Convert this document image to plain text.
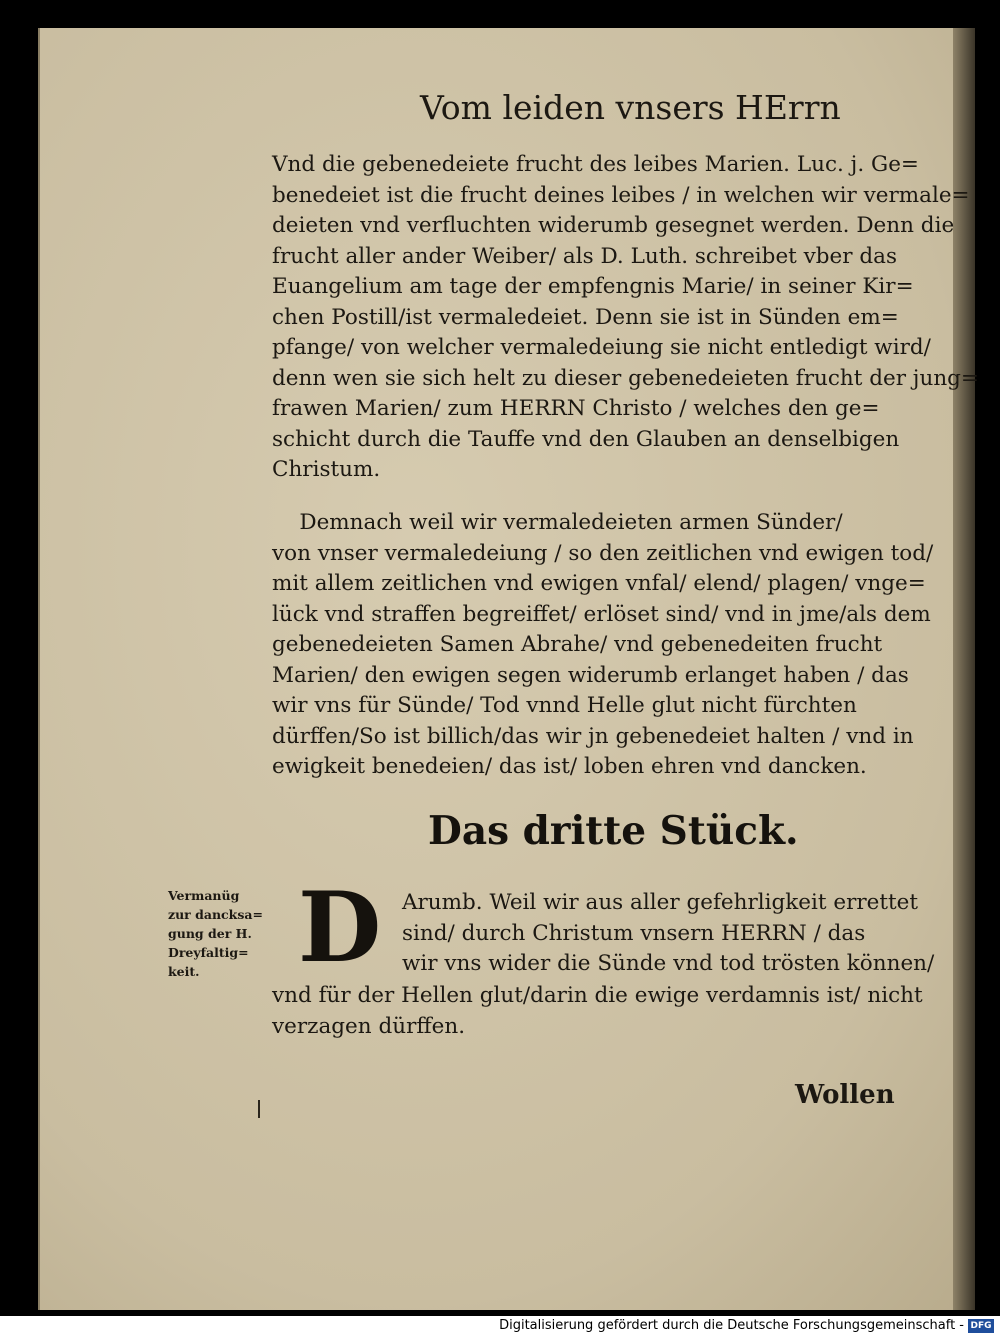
Vom leiden vnsers HErrn
Vnd die gebenedeiete frucht des leibes Marien. Luc. j. Ge=
benedeiet ist die frucht deines leibes / in welchen wir vermale=
deieten vnd verfluchten widerumb gesegnet werden. Denn die
frucht aller ander Weiber/ als D. Luth. schreibet vber das
Euangelium am tage der empfengnis Marie/ in seiner Kir=
chen Postill/ist vermaledeiet. Denn sie ist in Sünden em=
pfange/ von welcher vermaledeiung sie nicht entledigt wird/
denn wen sie sich helt zu dieser gebenedeieten frucht der jung=
frawen Marien/ zum HERRN Christo / welches den ge=
schicht durch die Tauffe vnd den Glauben an denselbigen
Christum.
Demnach weil wir vermaledeieten armen Sünder/
von vnser vermaledeiung / so den zeitlichen vnd ewigen tod/
mit allem zeitlichen vnd ewigen vnfal/ elend/ plagen/ vnge=
lück vnd straffen begreiffet/ erlöset sind/ vnd in jme/als dem
gebenedeieten Samen Abrahe/ vnd gebenedeiten frucht
Marien/ den ewigen segen widerumb erlanget haben / das
wir vns für Sünde/ Tod vnnd Helle glut nicht fürchten
dürffen/So ist billich/das wir jn gebenedeiet halten / vnd in
ewigkeit benedeien/ das ist/ loben ehren vnd dancken.
Das dritte Stück.
Vermanüg
zur dancksa=
gung der H.
Dreyfaltig=
keit.	D Arumb. Weil wir aus aller gefehrligkeit errettet
sind/ durch Christum vnsern HERRN / das
wir vns wider die Sünde vnd tod trösten können/
vnd für der Hellen glut/darin die ewige verdamnis ist/ nicht
verzagen dürffen.
Wollen
Digitalisierung gefördert durch die Deutsche Forschungsgemeinschaft - DFG
